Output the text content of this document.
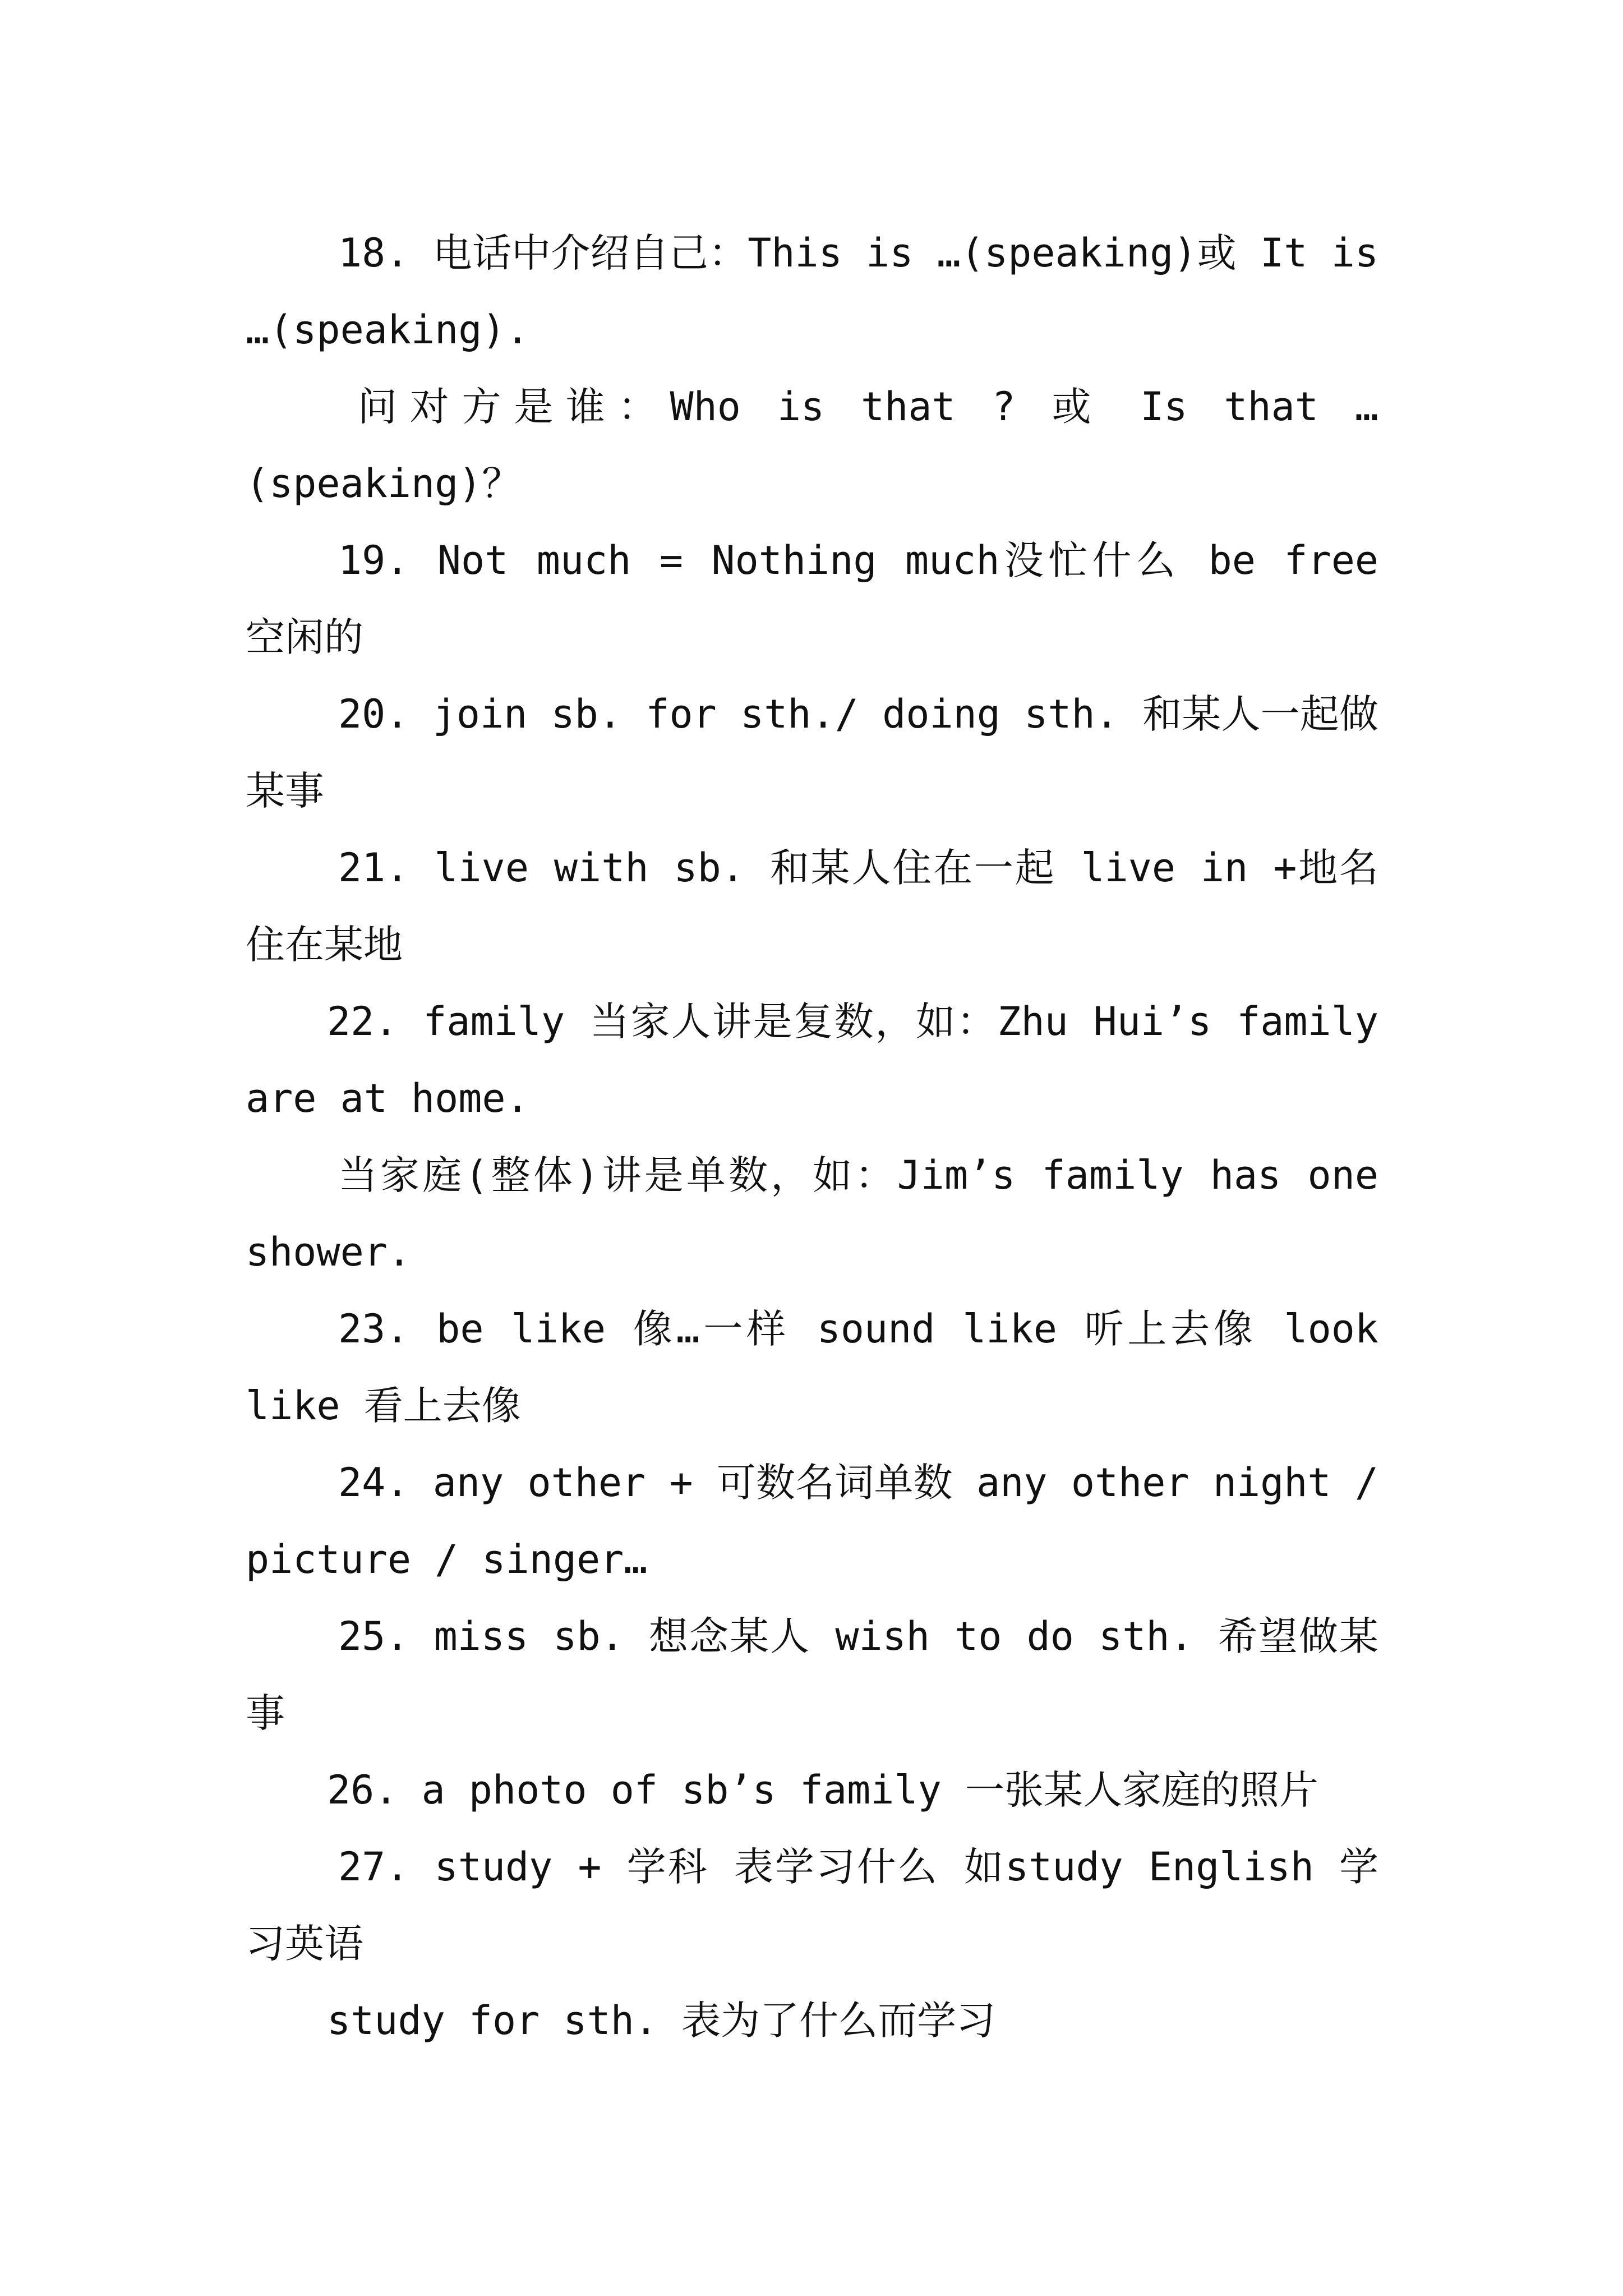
18. 电话中介绍自己：This is …(speaking)或 It is …(speaking).

问对方是谁：Who is that ? 或 Is that …(speaking)？

19. Not much = Nothing much没忙什么 be free 空闲的

20. join sb. for sth./ doing sth. 和某人一起做某事

21. live with sb. 和某人住在一起 live in +地名 住在某地

22. family 当家人讲是复数，如：Zhu Hui’s family are at home.

当家庭(整体)讲是单数，如：Jim’s family has one shower.

23. be like 像…一样 sound like 听上去像 look like 看上去像

24. any other + 可数名词单数 any other night / picture / singer…

25. miss sb. 想念某人 wish to do sth. 希望做某事

26. a photo of sb’s family 一张某人家庭的照片

27. study + 学科 表学习什么 如study English 学习英语

study for sth. 表为了什么而学习
